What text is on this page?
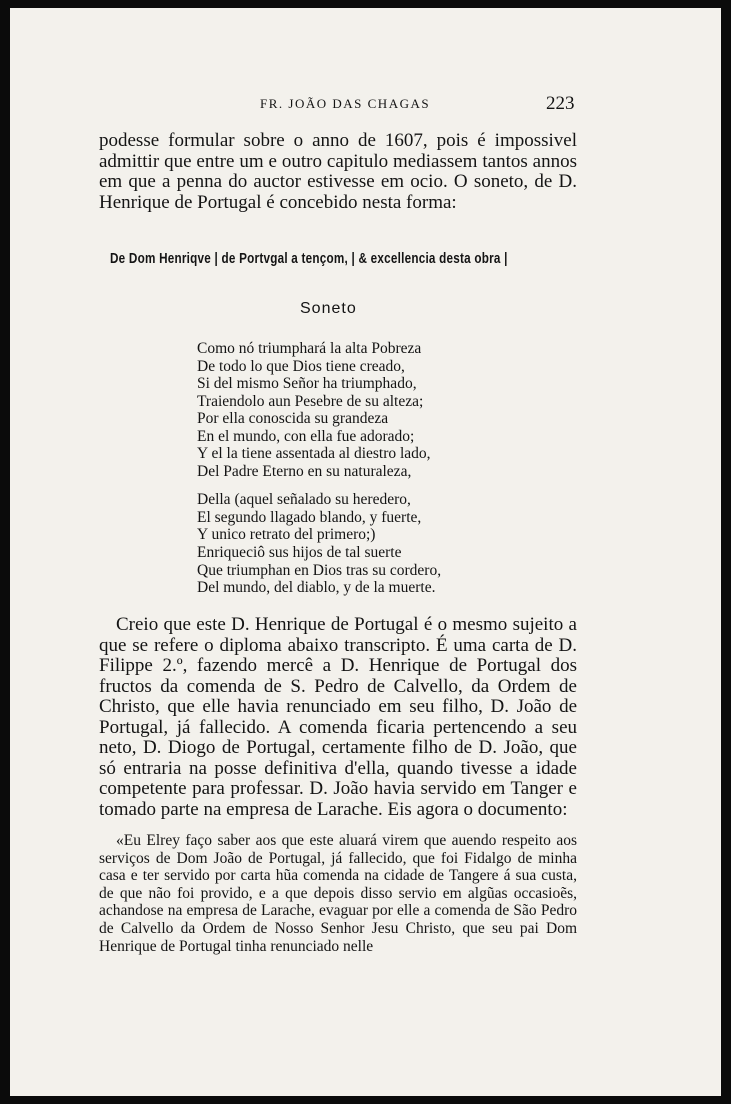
FR. JOÃO DAS CHAGAS	223

podesse formular sobre o anno de 1607, pois é impossivel admittir que entre um e outro capitulo mediassem tantos annos em que a penna do auctor estivesse em ocio. O soneto, de D. Henrique de Portugal é concebido nesta forma:

De Dom Henriqve | de Portvgal a tençom, | & excellencia desta obra |
Soneto
Como nó triumphará la alta Pobreza
De todo lo que Dios tiene creado,
Si del mismo Señor ha triumphado,
Traiendolo aun Pesebre de su alteza;
Por ella conoscida su grandeza
En el mundo, con ella fue adorado;
Y el la tiene assentada al diestro lado,
Del Padre Eterno en su naturaleza,
Della (aquel señalado su heredero,
El segundo llagado blando, y fuerte,
Y unico retrato del primero;)
Enriqueciô sus hijos de tal suerte
Que triumphan en Dios tras su cordero,
Del mundo, del diablo, y de la muerte.

Creio que este D. Henrique de Portugal é o mesmo sujeito a que se refere o diploma abaixo transcripto. É uma carta de D. Filippe 2.º, fazendo mercê a D. Henrique de Portugal dos fructos da comenda de S. Pedro de Calvello, da Ordem de Christo, que elle havia renunciado em seu filho, D. João de Portugal, já fallecido. A comenda ficaria pertencendo a seu neto, D. Diogo de Portugal, certamente filho de D. João, que só entraria na posse definitiva d'ella, quando tivesse a idade competente para professar. D. João havia servido em Tanger e tomado parte na empresa de Larache. Eis agora o documento:

«Eu Elrey faço saber aos que este aluará virem que auendo respeito aos serviços de Dom João de Portugal, já fallecido, que foi Fidalgo de minha casa e ter servido por carta hũa comenda na cidade de Tangere á sua custa, de que não foi provido, e a que depois disso servio em algũas occasioẽs, achandose na empresa de Larache, evaguar por elle a comenda de São Pedro de Calvello da Ordem de Nosso Senhor Jesu Christo, que seu pai Dom Henrique de Portugal tinha renunciado nelle
